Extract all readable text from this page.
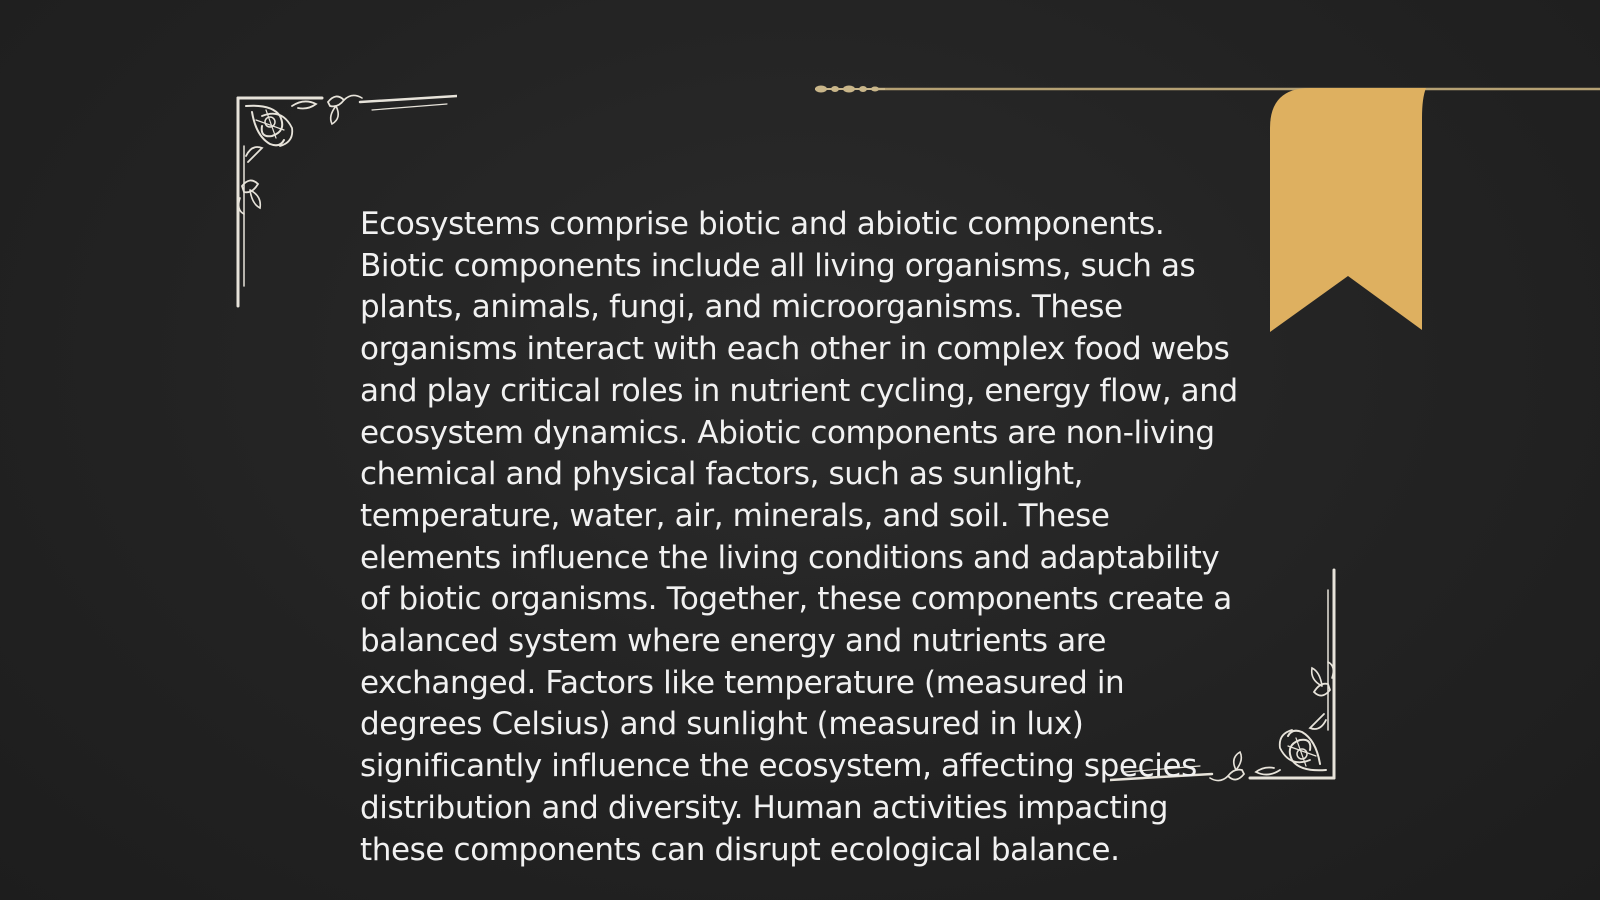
Ecosystems comprise biotic and abiotic components. Biotic components include all living organisms, such as plants, animals, fungi, and microorganisms. These organisms interact with each other in complex food webs and play critical roles in nutrient cycling, energy flow, and ecosystem dynamics. Abiotic components are non-living chemical and physical factors, such as sunlight, temperature, water, air, minerals, and soil. These elements influence the living conditions and adaptability of biotic organisms. Together, these components create a balanced system where energy and nutrients are exchanged. Factors like temperature (measured in degrees Celsius) and sunlight (measured in lux) significantly influence the ecosystem, affecting species distribution and diversity. Human activities impacting these components can disrupt ecological balance.
